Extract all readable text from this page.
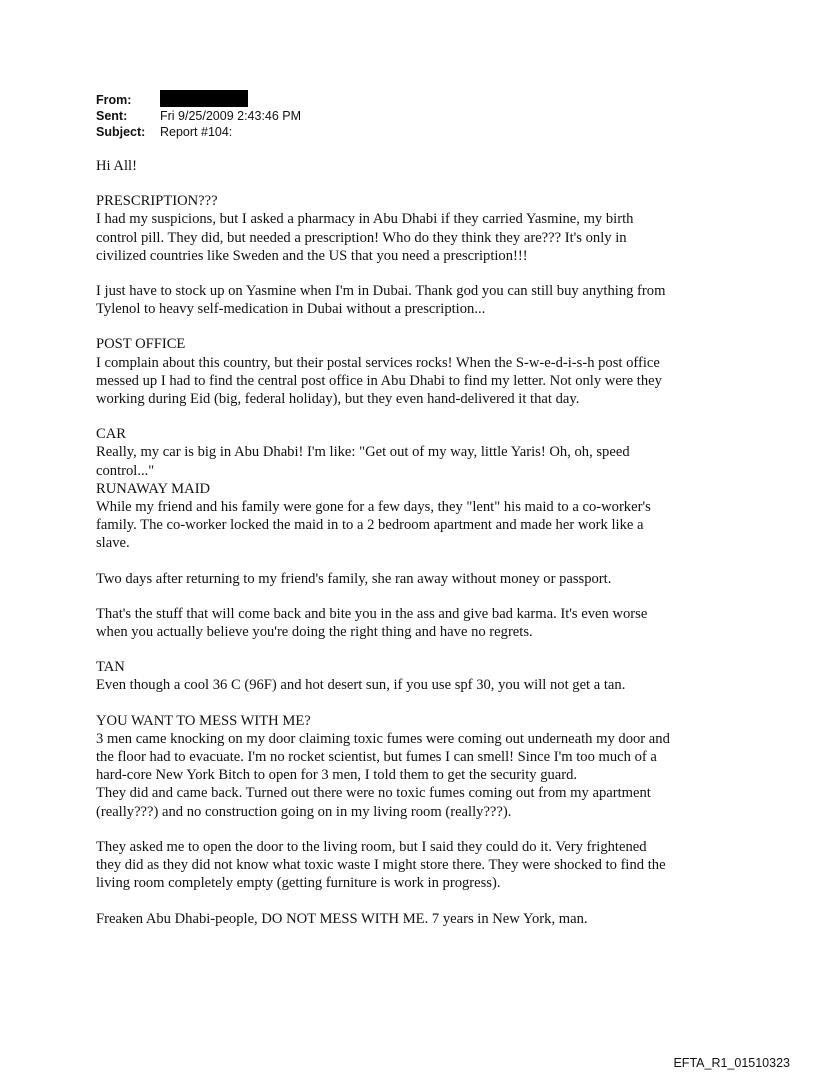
From:
Sent:	Fri 9/25/2009 2:43:46 PM
Subject:	Report #104:

Hi All!

PRESCRIPTION???

I had my suspicions, but I asked a pharmacy in Abu Dhabi if they carried Yasmine, my birth

control pill. They did, but needed a prescription! Who do they think they are??? It's only in

civilized countries like Sweden and the US that you need a prescription!!!

I just have to stock up on Yasmine when I'm in Dubai. Thank god you can still buy anything from

Tylenol to heavy self-medication in Dubai without a prescription...

POST OFFICE

I complain about this country, but their postal services rocks! When the S-w-e-d-i-s-h post office

messed up I had to find the central post office in Abu Dhabi to find my letter. Not only were they

working during Eid (big, federal holiday), but they even hand-delivered it that day.

CAR

Really, my car is big in Abu Dhabi! I'm like: "Get out of my way, little Yaris! Oh, oh, speed

control..."

RUNAWAY MAID

While my friend and his family were gone for a few days, they "lent" his maid to a co-worker's

family. The co-worker locked the maid in to a 2 bedroom apartment and made her work like a

slave.

Two days after returning to my friend's family, she ran away without money or passport.

That's the stuff that will come back and bite you in the ass and give bad karma. It's even worse

when you actually believe you're doing the right thing and have no regrets.

TAN

Even though a cool 36 C (96F) and hot desert sun, if you use spf 30, you will not get a tan.

YOU WANT TO MESS WITH ME?

3 men came knocking on my door claiming toxic fumes were coming out underneath my door and

the floor had to evacuate. I'm no rocket scientist, but fumes I can smell! Since I'm too much of a

hard-core New York Bitch to open for 3 men, I told them to get the security guard.

They did and came back. Turned out there were no toxic fumes coming out from my apartment

(really???) and no construction going on in my living room (really???).

They asked me to open the door to the living room, but I said they could do it. Very frightened

they did as they did not know what toxic waste I might store there. They were shocked to find the

living room completely empty (getting furniture is work in progress).

Freaken Abu Dhabi-people, DO NOT MESS WITH ME. 7 years in New York, man.

EFTA_R1_01510323
